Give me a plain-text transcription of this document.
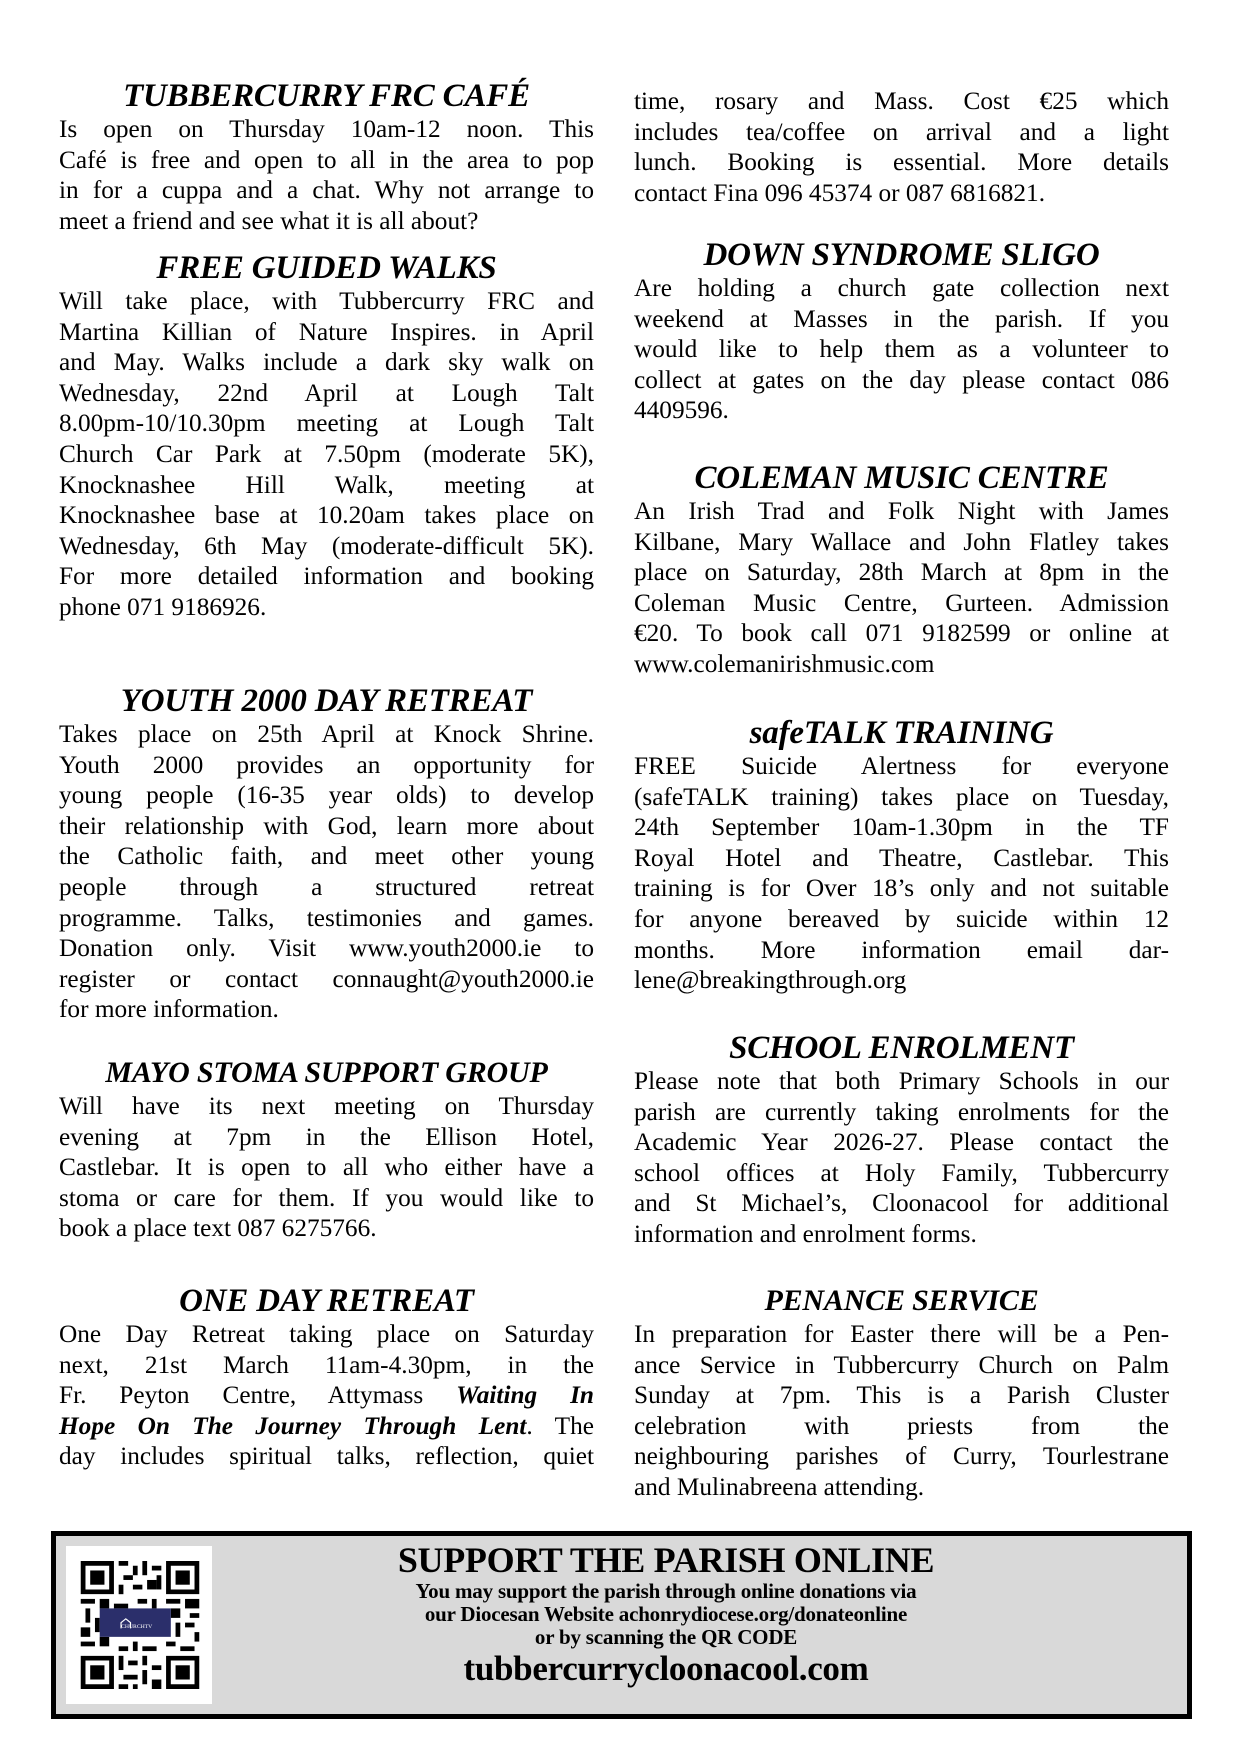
TUBBERCURRY FRC CAFÉ
Is open on Thursday 10am-12 noon. This
Café is free and open to all in the area to pop
in for a cuppa and a chat. Why not arrange to
meet a friend and see what it is all about?
FREE GUIDED WALKS
Will take place, with Tubbercurry FRC and
Martina Killian of Nature Inspires. in April
and May. Walks include a dark sky walk on
Wednesday, 22nd April at Lough Talt
8.00pm-10/10.30pm meeting at Lough Talt
Church Car Park at 7.50pm (moderate 5K),
Knocknashee Hill Walk, meeting at
Knocknashee base at 10.20am takes place on
Wednesday, 6th May (moderate-difficult 5K).
For more detailed information and booking
phone 071 9186926.
YOUTH 2000 DAY RETREAT
Takes place on 25th April at Knock Shrine.
Youth 2000 provides an opportunity for
young people (16-35 year olds) to develop
their relationship with God, learn more about
the Catholic faith, and meet other young
people through a structured retreat
programme. Talks, testimonies and games.
Donation only. Visit www.youth2000.ie to
register or contact connaught@youth2000.ie
for more information.
MAYO STOMA SUPPORT GROUP
Will have its next meeting on Thursday
evening at 7pm in the Ellison Hotel,
Castlebar. It is open to all who either have a
stoma or care for them. If you would like to
book a place text 087 6275766.
ONE DAY RETREAT
One Day Retreat taking place on Saturday
next, 21st March 11am-4.30pm, in the
Fr. Peyton Centre, Attymass Waiting In
Hope On The Journey Through Lent. The
day includes spiritual talks, reflection, quiet
time, rosary and Mass. Cost €25 which
includes tea/coffee on arrival and a light
lunch. Booking is essential. More details
contact Fina 096 45374 or 087 6816821.
DOWN SYNDROME SLIGO
Are holding a church gate collection next
weekend at Masses in the parish. If you
would like to help them as a volunteer to
collect at gates on the day please contact 086
4409596.
COLEMAN MUSIC CENTRE
An Irish Trad and Folk Night with James
Kilbane, Mary Wallace and John Flatley takes
place on Saturday, 28th March at 8pm in the
Coleman Music Centre, Gurteen. Admission
€20. To book call 071 9182599 or online at
www.colemanirishmusic.com
safeTALK TRAINING
FREE Suicide Alertness for everyone
(safeTALK training) takes place on Tuesday,
24th September 10am-1.30pm in the TF
Royal Hotel and Theatre, Castlebar. This
training is for Over 18’s only and not suitable
for anyone bereaved by suicide within 12
months. More information email dar-
lene@breakingthrough.org
SCHOOL ENROLMENT
Please note that both Primary Schools in our
parish are currently taking enrolments for the
Academic Year 2026-27. Please contact the
school offices at Holy Family, Tubbercurry
and St Michael’s, Cloonacool for additional
information and enrolment forms.
PENANCE SERVICE
In preparation for Easter there will be a Pen-
ance Service in Tubbercurry Church on Palm
Sunday at 7pm. This is a Parish Cluster
celebration with priests from the
neighbouring parishes of Curry, Tourlestrane
and Mulinabreena attending.
CHURCHTV
SUPPORT THE PARISH ONLINE
You may support the parish through online donations via
our Diocesan Website achonrydiocese.org/donateonline
or by scanning the QR CODE
tubbercurrycloonacool.com
